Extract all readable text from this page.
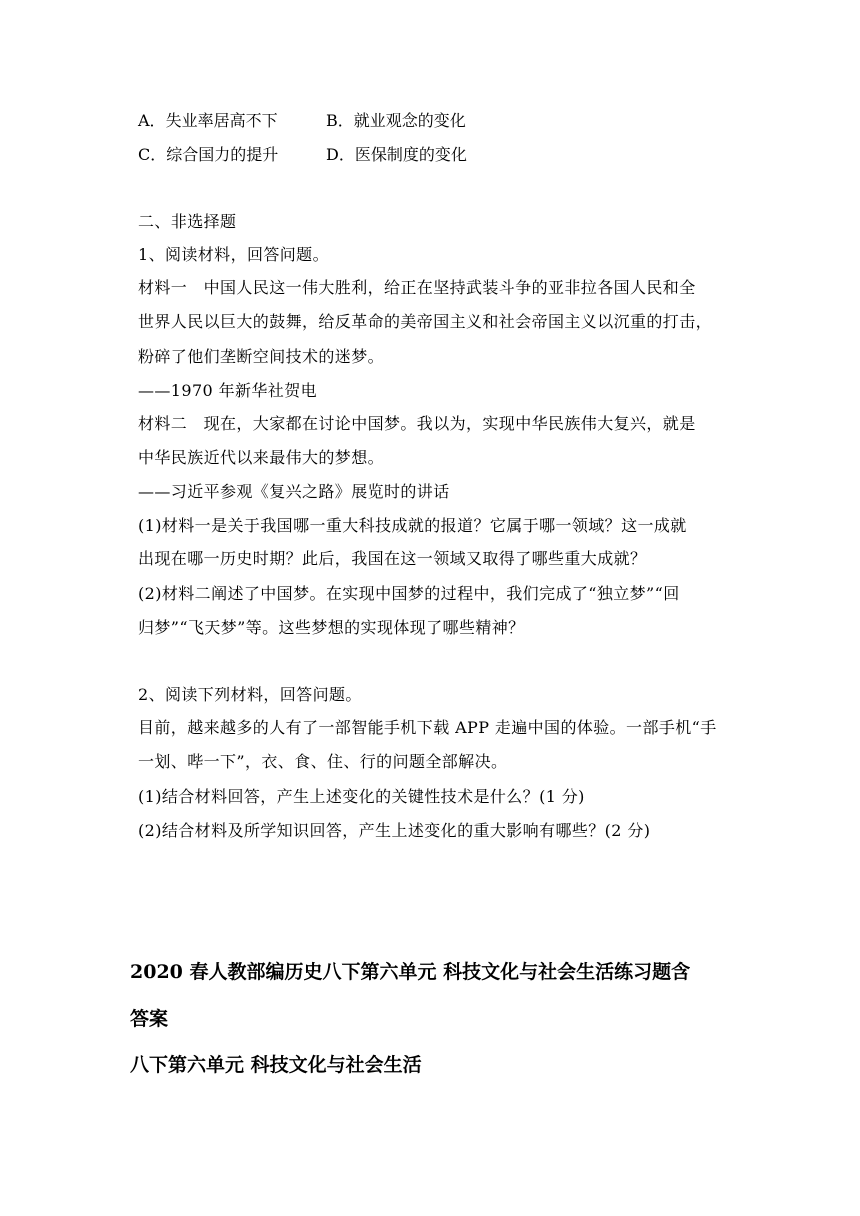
A．失业率居高不下	B．就业观念的变化
C．综合国力的提升	D．医保制度的变化
二、非选择题
1、阅读材料，回答问题。
材料一　中国人民这一伟大胜利，给正在坚持武装斗争的亚非拉各国人民和全
世界人民以巨大的鼓舞，给反革命的美帝国主义和社会帝国主义以沉重的打击，
粉碎了他们垄断空间技术的迷梦。
——1970 年新华社贺电
材料二　现在，大家都在讨论中国梦。我以为，实现中华民族伟大复兴，就是
中华民族近代以来最伟大的梦想。
——习近平参观《复兴之路》展览时的讲话
(1)材料一是关于我国哪一重大科技成就的报道？它属于哪一领域？这一成就
出现在哪一历史时期？此后，我国在这一领域又取得了哪些重大成就？
(2)材料二阐述了中国梦。在实现中国梦的过程中，我们完成了“独立梦”“回
归梦”“飞天梦”等。这些梦想的实现体现了哪些精神？
2、阅读下列材料，回答问题。
目前，越来越多的人有了一部智能手机下载 APP 走遍中国的体验。一部手机“手
一划、哔一下”，衣、食、住、行的问题全部解决。
(1)结合材料回答，产生上述变化的关键性技术是什么？(1 分)
(2)结合材料及所学知识回答，产生上述变化的重大影响有哪些？(2 分)
2020 春人教部编历史八下第六单元 科技文化与社会生活练习题含
答案
八下第六单元 科技文化与社会生活
